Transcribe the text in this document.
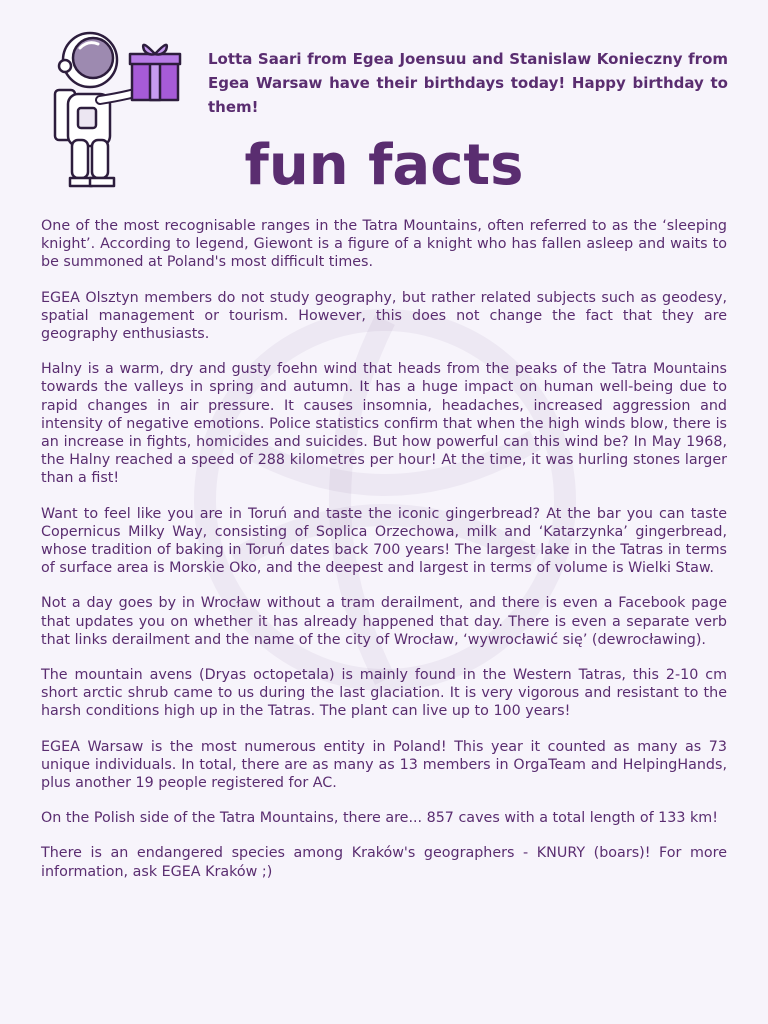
Lotta Saari from Egea Joensuu and Stanislaw Konieczny from Egea Warsaw have their birthdays today! Happy birthday to them!

fun facts

One of the most recognisable ranges in the Tatra Mountains, often referred to as the ‘sleeping knight’. According to legend, Giewont is a figure of a knight who has fallen asleep and waits to be summoned at Poland's most difficult times.

EGEA Olsztyn members do not study geography, but rather related subjects such as geodesy, spatial management or tourism. However, this does not change the fact that they are geography enthusiasts.

Halny is a warm, dry and gusty foehn wind that heads from the peaks of the Tatra Mountains towards the valleys in spring and autumn. It has a huge impact on human well-being due to rapid changes in air pressure. It causes insomnia, headaches, increased aggression and intensity of negative emotions. Police statistics confirm that when the high winds blow, there is an increase in fights, homicides and suicides. But how powerful can this wind be? In May 1968, the Halny reached a speed of 288 kilometres per hour! At the time, it was hurling stones larger than a fist!

Want to feel like you are in Toruń and taste the iconic gingerbread? At the bar you can taste Copernicus Milky Way, consisting of Soplica Orzechowa, milk and ‘Katarzynka’ gingerbread, whose tradition of baking in Toruń dates back 700 years! The largest lake in the Tatras in terms of surface area is Morskie Oko, and the deepest and largest in terms of volume is Wielki Staw.

Not a day goes by in Wrocław without a tram derailment, and there is even a Facebook page that updates you on whether it has already happened that day. There is even a separate verb that links derailment and the name of the city of Wrocław, ‘wywrocławić się’ (dewrocławing).

The mountain avens (Dryas octopetala) is mainly found in the Western Tatras, this 2-10 cm short arctic shrub came to us during the last glaciation. It is very vigorous and resistant to the harsh conditions high up in the Tatras. The plant can live up to 100 years!

EGEA Warsaw is the most numerous entity in Poland! This year it counted as many as 73 unique individuals. In total, there are as many as 13 members in OrgaTeam and HelpingHands, plus another 19 people registered for AC.

On the Polish side of the Tatra Mountains, there are... 857 caves with a total length of 133 km!

There is an endangered species among Kraków's geographers - KNURY (boars)! For more information, ask EGEA Kraków ;)
